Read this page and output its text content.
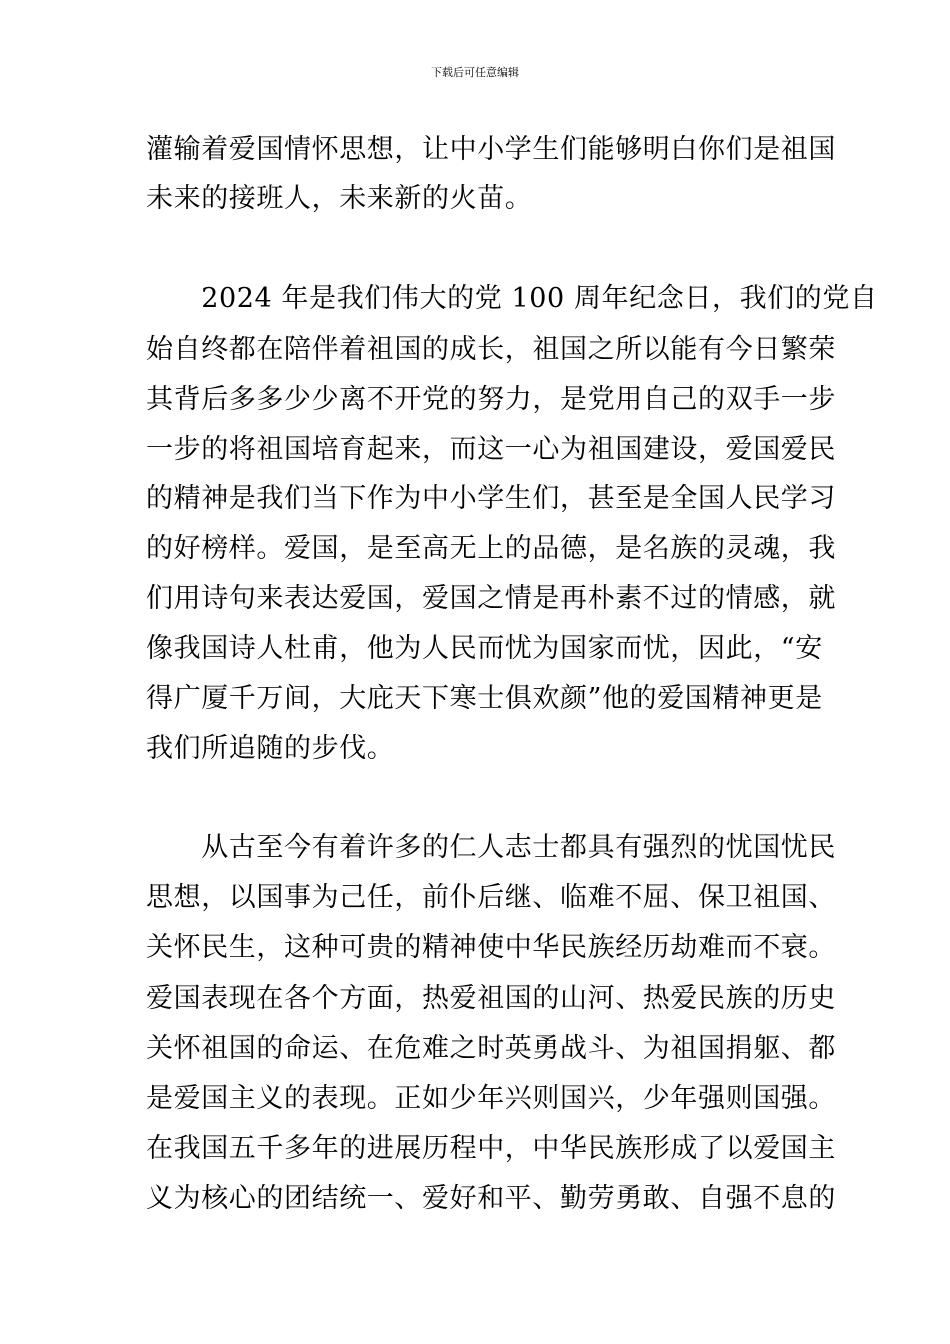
下载后可任意编辑
灌输着爱国情怀思想，让中小学生们能够明白你们是祖国
未来的接班人，未来新的火苗。
　　2024 年是我们伟大的党 100 周年纪念日，我们的党自
始自终都在陪伴着祖国的成长，祖国之所以能有今日繁荣
其背后多多少少离不开党的努力，是党用自己的双手一步
一步的将祖国培育起来，而这一心为祖国建设，爱国爱民
的精神是我们当下作为中小学生们，甚至是全国人民学习
的好榜样。爱国，是至高无上的品德，是名族的灵魂，我
们用诗句来表达爱国，爱国之情是再朴素不过的情感，就
像我国诗人杜甫，他为人民而忧为国家而忧，因此，“安
得广厦千万间，大庇天下寒士俱欢颜”他的爱国精神更是
我们所追随的步伐。
　　从古至今有着许多的仁人志士都具有强烈的忧国忧民
思想，以国事为己任，前仆后继、临难不屈、保卫祖国、
关怀民生，这种可贵的精神使中华民族经历劫难而不衰。
爱国表现在各个方面，热爱祖国的山河、热爱民族的历史
关怀祖国的命运、在危难之时英勇战斗、为祖国捐躯、都
是爱国主义的表现。正如少年兴则国兴，少年强则国强。
在我国五千多年的进展历程中，中华民族形成了以爱国主
义为核心的团结统一、爱好和平、勤劳勇敢、自强不息的
